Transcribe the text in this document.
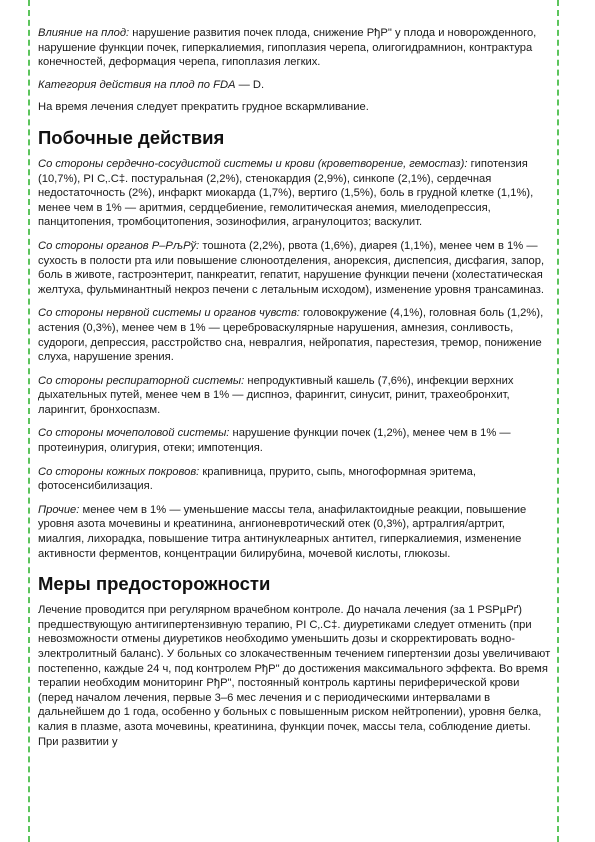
Влияние на плод: нарушение развития почек плода, снижение РђР" у плода и новорожденного, нарушение функции почек, гиперкалиемия, гипоплазия черепа, олигогидрамнион, контрактура конечностей, деформация черепа, гипоплазия легких.

Категория действия на плод по FDA — D.

На время лечения следует прекратить грудное вскармливание.

Побочные действия

Со стороны сердечно-сосудистой системы и крови (кроветворение, гемостаз): гипотензия (10,7%), РІ С‚.С‡. постуральная (2,2%), стенокардия (2,9%), синкопе (2,1%), сердечная недостаточность (2%), инфаркт миокарда (1,7%), вертиго (1,5%), боль в грудной клетке (1,1%), менее чем в 1% — аритмия, сердцебиение, гемолитическая анемия, миелодепрессия, панцитопения, тромбоцитопения, эозинофилия, агранулоцитоз; васкулит.

Со стороны органов Р–РљРў: тошнота (2,2%), рвота (1,6%), диарея (1,1%), менее чем в 1% — сухость в полости рта или повышение слюноотделения, анорексия, диспепсия, дисфагия, запор, боль в животе, гастроэнтерит, панкреатит, гепатит, нарушение функции печени (холестатическая желтуха, фульминантный некроз печени с летальным исходом), изменение уровня трансаминаз.

Со стороны нервной системы и органов чувств: головокружение (4,1%), головная боль (1,2%), астения (0,3%), менее чем в 1% — цереброваскулярные нарушения, амнезия, сонливость, судороги, депрессия, расстройство сна, невралгия, нейропатия, парестезия, тремор, понижение слуха, нарушение зрения.

Со стороны респираторной системы: непродуктивный кашель (7,6%), инфекции верхних дыхательных путей, менее чем в 1% — диспноэ, фарингит, синусит, ринит, трахеобронхит, ларингит, бронхоспазм.

Со стороны мочеполовой системы: нарушение функции почек (1,2%), менее чем в 1% — протеинурия, олигурия, отеки; импотенция.

Со стороны кожных покровов: крапивница, прурито, сыпь, многоформная эритема, фотосенсибилизация.

Прочие: менее чем в 1% — уменьшение массы тела, анафилактоидные реакции, повышение уровня азота мочевины и креатинина, ангионевротический отек (0,3%), артралгия/артрит, миалгия, лихорадка, повышение титра антинуклеарных антител, гиперкалиемия, изменение активности ферментов, концентрации билирубина, мочевой кислоты, глюкозы.

Меры предосторожности

Лечение проводится при регулярном врачебном контроле. До начала лечения (за 1 РЅРµРґ) предшествующую антигипертензивную терапию, РІ С‚.С‡. диуретиками следует отменить (при невозможности отмены диуретиков необходимо уменьшить дозы и скорректировать водно-электролитный баланс). У больных со злокачественным течением гипертензии дозы увеличивают постепенно, каждые 24 ч, под контролем РђР" до достижения максимального эффекта. Во время терапии необходим мониторинг РђР", постоянный контроль картины периферической крови (перед началом лечения, первые 3–6 мес лечения и с периодическими интервалами в дальнейшем до 1 года, особенно у больных с повышенным риском нейтропении), уровня белка, калия в плазме, азота мочевины, креатинина, функции почек, массы тела, соблюдение диеты. При развитии у
